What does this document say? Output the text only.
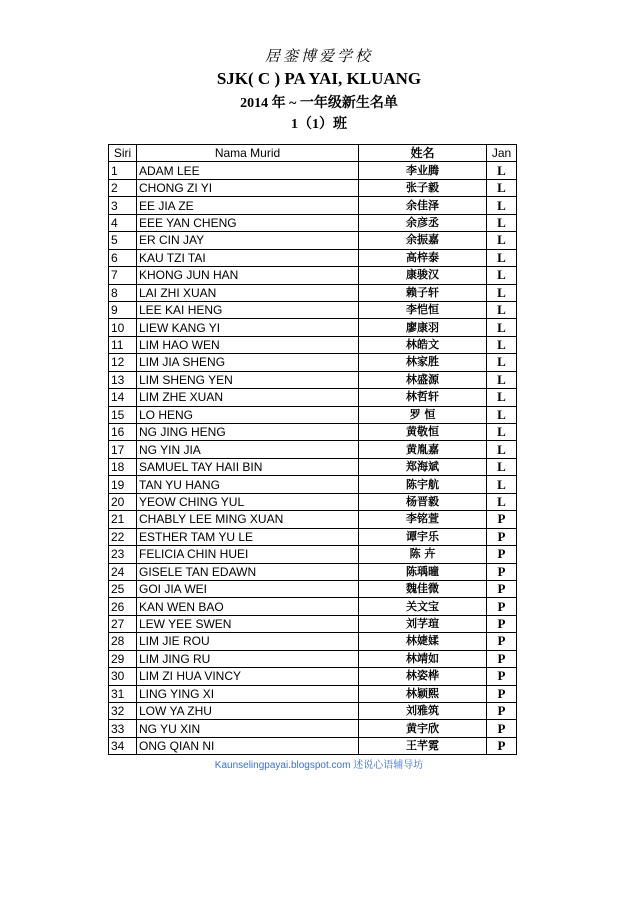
居銮博爱学校
SJK( C ) PA YAI, KLUANG
2014 年 ~ 一年级新生名单
1（1）班
Siri	Nama Murid	姓名	Jan
1	ADAM LEE	李业腾	L
2	CHONG ZI YI	张子毅	L
3	EE JIA ZE	余佳泽	L
4	EEE YAN CHENG	余彦丞	L
5	ER CIN JAY	余振嘉	L
6	KAU TZI TAI	高梓泰	L
7	KHONG JUN HAN	康骏汉	L
8	LAI ZHI XUAN	赖子轩	L
9	LEE KAI HENG	李恺恒	L
10	LIEW KANG YI	廖康羽	L
11	LIM HAO WEN	林皓文	L
12	LIM JIA SHENG	林家胜	L
13	LIM SHENG YEN	林盛源	L
14	LIM ZHE XUAN	林哲轩	L
15	LO HENG	罗 恒	L
16	NG JING HENG	黄敬恒	L
17	NG YIN JIA	黄胤嘉	L
18	SAMUEL TAY HAII BIN	郑海斌	L
19	TAN YU HANG	陈宇航	L
20	YEOW CHING YUL	杨晋毅	L
21	CHABLY LEE MING XUAN	李铭萱	P
22	ESTHER TAM YU LE	谭宇乐	P
23	FELICIA CHIN HUEI	陈 卉	P
24	GISELE TAN EDAWN	陈瑀曈	P
25	GOI JIA WEI	魏佳微	P
26	KAN WEN BAO	关文宝	P
27	LEW YEE SWEN	刘芓瑄	P
28	LIM JIE ROU	林婕媃	P
29	LIM JING RU	林靖如	P
30	LIM ZI HUA VINCY	林姿桦	P
31	LING YING XI	林颖熙	P
32	LOW YA ZHU	刘雅筑	P
33	NG YU XIN	黄宇欣	P
34	ONG QIAN NI	王芊霓	P
Kaunselingpayai.blogspot.com 述说心语辅导坊
